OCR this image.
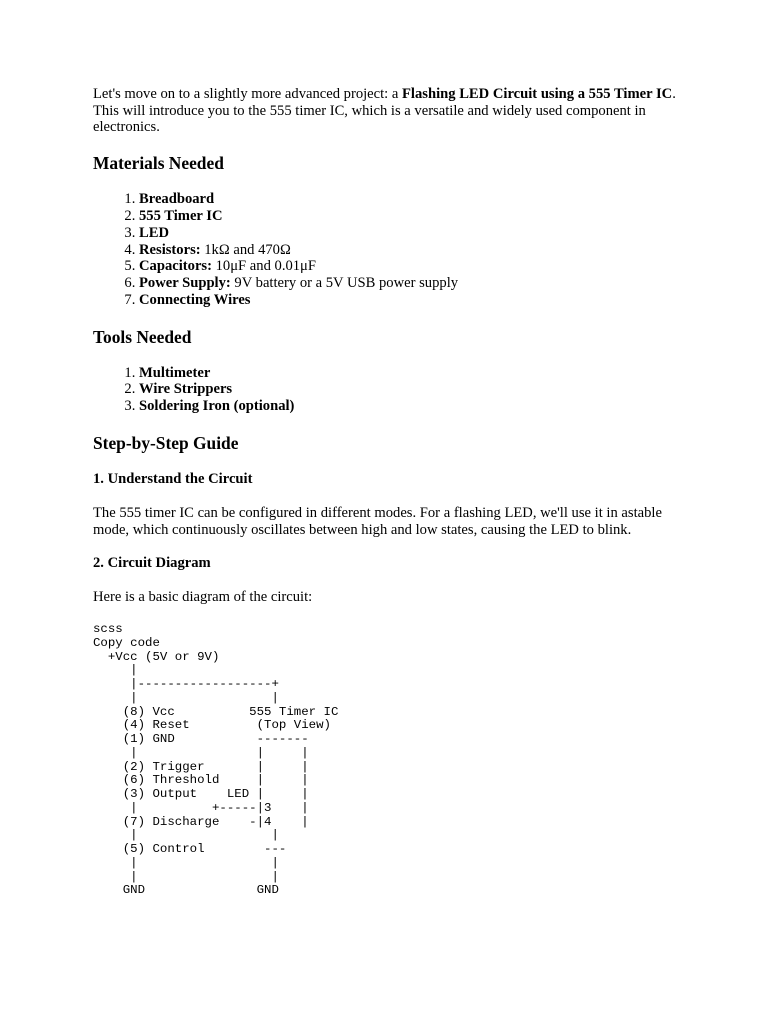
Let's move on to a slightly more advanced project: a Flashing LED Circuit using a 555 Timer IC. This will introduce you to the 555 timer IC, which is a versatile and widely used component in electronics.

Materials Needed
1. Breadboard
2. 555 Timer IC
3. LED
4. Resistors: 1kΩ and 470Ω
5. Capacitors: 10μF and 0.01μF
6. Power Supply: 9V battery or a 5V USB power supply
7. Connecting Wires
Tools Needed
1. Multimeter
2. Wire Strippers
3. Soldering Iron (optional)
Step-by-Step Guide
1. Understand the Circuit

The 555 timer IC can be configured in different modes. For a flashing LED, we'll use it in astable mode, which continuously oscillates between high and low states, causing the LED to blink.

2. Circuit Diagram

Here is a basic diagram of the circuit:

scss
Copy code
+Vcc (5V or 9V)
|
|------------------+
|                  |
(8) Vcc          555 Timer IC
(4) Reset         (Top View)
(1) GND           -------
|                |     |
(2) Trigger       |     |
(6) Threshold     |     |
(3) Output    LED |     |
|          +-----|3    |
(7) Discharge    -|4    |
|                  |
(5) Control        ---
|                  |
|                  |
GND               GND
